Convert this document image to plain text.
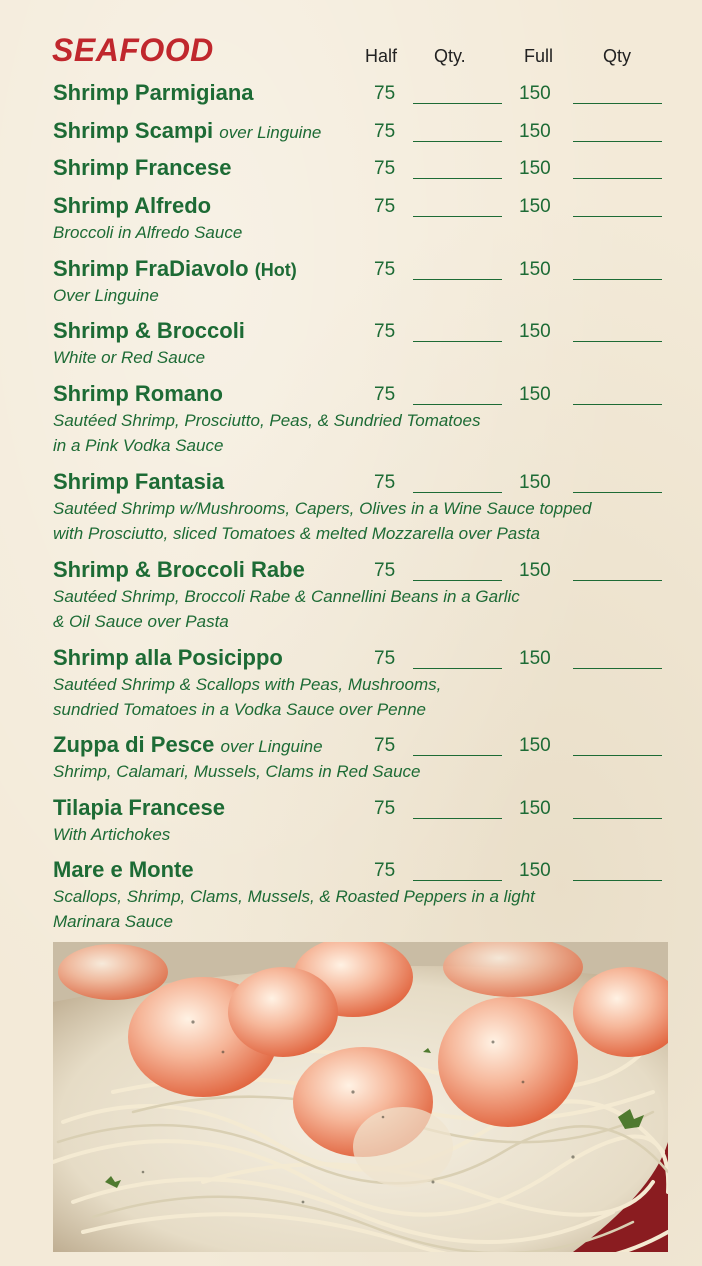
SEAFOOD	Half Qty.	Full	Qty
Shrimp Parmigiana	75	150
Shrimp Scampi over Linguine	75	150
Shrimp Francese	75	150
Shrimp Alfredo	75	150
Broccoli in Alfredo Sauce
Shrimp FraDiavolo (Hot)	75	150
Over Linguine
Shrimp & Broccoli	75	150
White or Red Sauce
Shrimp Romano	75	150
Sautéed Shrimp, Prosciutto, Peas, & Sundried Tomatoes
in a Pink Vodka Sauce
Shrimp Fantasia	75	150
Sautéed Shrimp w/Mushrooms, Capers, Olives in a Wine Sauce topped
with Prosciutto, sliced Tomatoes & melted Mozzarella over Pasta
Shrimp & Broccoli Rabe	75	150
Sautéed Shrimp, Broccoli Rabe & Cannellini Beans in a Garlic
& Oil Sauce over Pasta
Shrimp alla Posicippo	75	150
Sautéed Shrimp & Scallops with Peas, Mushrooms,
sundried Tomatoes in a Vodka Sauce over Penne
Zuppa di Pesce over Linguine	75	150
Shrimp, Calamari, Mussels, Clams in Red Sauce
Tilapia Francese	75	150
With Artichokes
Mare e Monte	75	150
Scallops, Shrimp, Clams, Mussels, & Roasted Peppers in a light
Marinara Sauce
